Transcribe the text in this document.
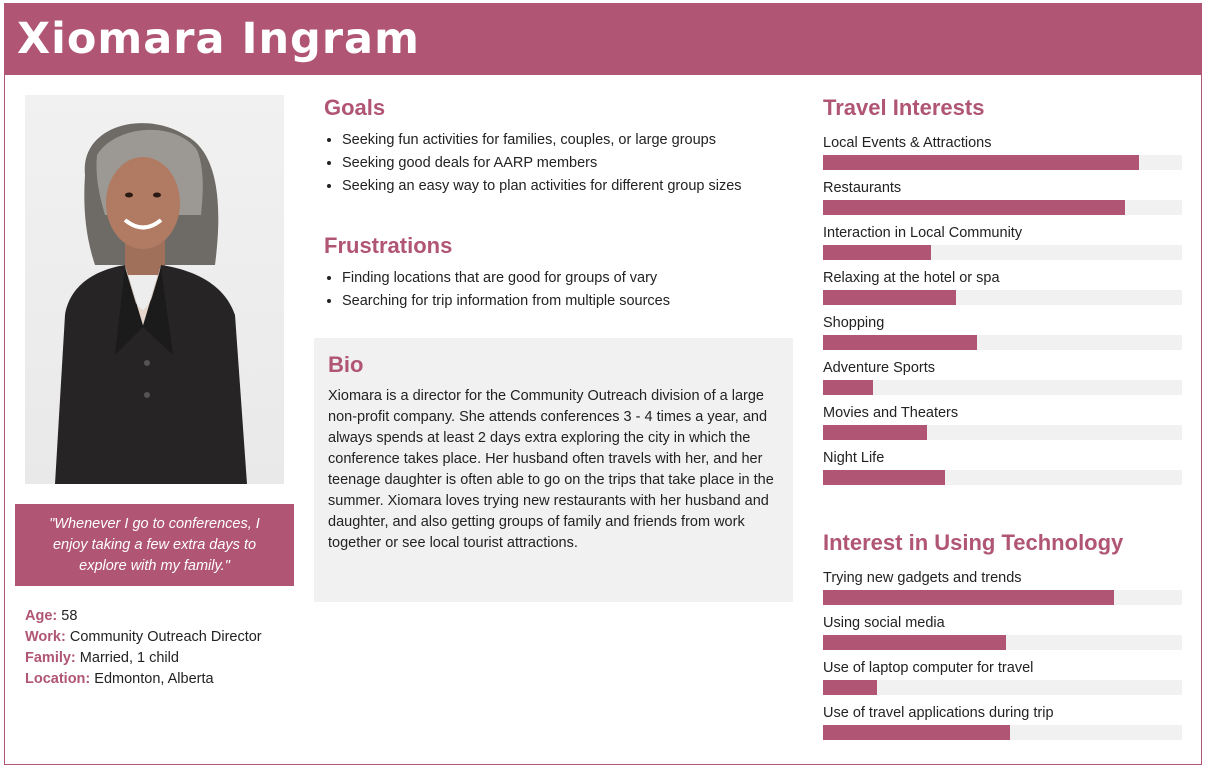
Xiomara Ingram
"Whenever I go to conferences, I enjoy taking a few extra days to explore with my family."
Age: 58
Work: Community Outreach Director
Family: Married, 1 child
Location: Edmonton, Alberta
Goals
• Seeking fun activities for families, couples, or large groups
• Seeking good deals for AARP members
• Seeking an easy way to plan activities for different group sizes
Frustrations
• Finding locations that are good for groups of vary
• Searching for trip information from multiple sources
Bio

Xiomara is a director for the Community Outreach division of a large non-profit company. She attends conferences 3 - 4 times a year, and always spends at least 2 days extra exploring the city in which the conference takes place. Her husband often travels with her, and her teenage daughter is often able to go on the trips that take place in the summer. Xiomara loves trying new restaurants with her husband and daughter, and also getting groups of family and friends from work together or see local tourist attractions.

Travel Interests
Local Events & Attractions
Restaurants
Interaction in Local Community
Relaxing at the hotel or spa
Shopping
Adventure Sports
Movies and Theaters
Night Life
Interest in Using Technology
Trying new gadgets and trends
Using social media
Use of laptop computer for travel
Use of travel applications during trip
